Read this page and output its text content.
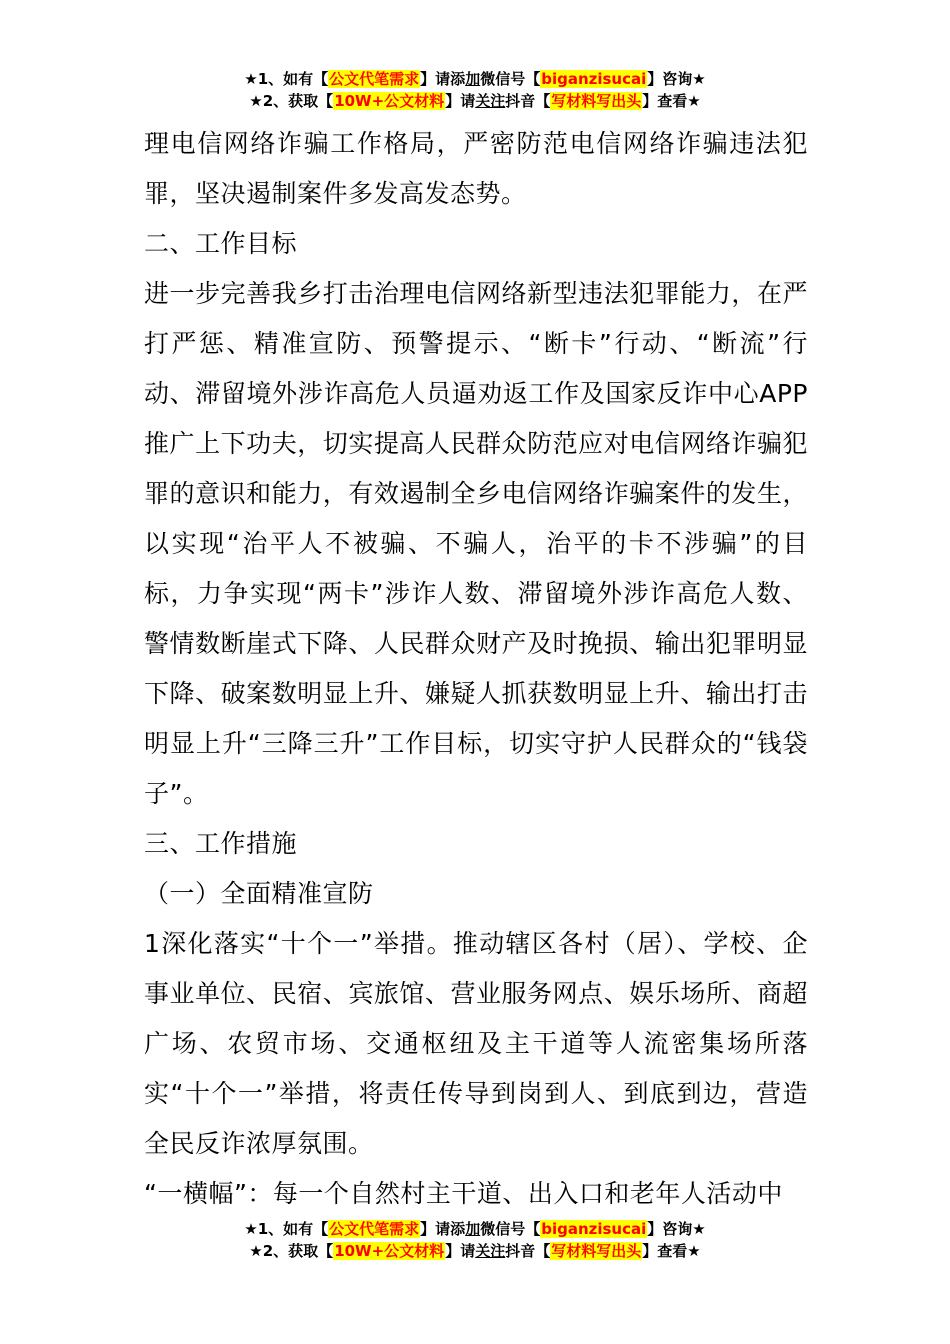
★1、如有【公文代笔需求】请添加微信号【biganzisucai】咨询★
★2、获取【10W+公文材料】请关注抖音【写材料写出头】查看★

理电信网络诈骗工作格局，严密防范电信网络诈骗违法犯罪，坚决遏制案件多发高发态势。

二、工作目标

进一步完善我乡打击治理电信网络新型违法犯罪能力，在严打严惩、精准宣防、预警提示、“断卡”行动、“断流”行动、滞留境外涉诈高危人员逼劝返工作及国家反诈中心APP推广上下功夫，切实提高人民群众防范应对电信网络诈骗犯罪的意识和能力，有效遏制全乡电信网络诈骗案件的发生，以实现“治平人不被骗、不骗人，治平的卡不涉骗”的目标，力争实现“两卡”涉诈人数、滞留境外涉诈高危人数、警情数断崖式下降、人民群众财产及时挽损、输出犯罪明显下降、破案数明显上升、嫌疑人抓获数明显上升、输出打击明显上升“三降三升”工作目标，切实守护人民群众的“钱袋子”。

三、工作措施

（一）全面精准宣防

1深化落实“十个一”举措。推动辖区各村（居）、学校、企事业单位、民宿、宾旅馆、营业服务网点、娱乐场所、商超广场、农贸市场、交通枢纽及主干道等人流密集场所落实“十个一”举措，将责任传导到岗到人、到底到边，营造全民反诈浓厚氛围。

“一横幅”：每一个自然村主干道、出入口和老年人活动中

★1、如有【公文代笔需求】请添加微信号【biganzisucai】咨询★
★2、获取【10W+公文材料】请关注抖音【写材料写出头】查看★
